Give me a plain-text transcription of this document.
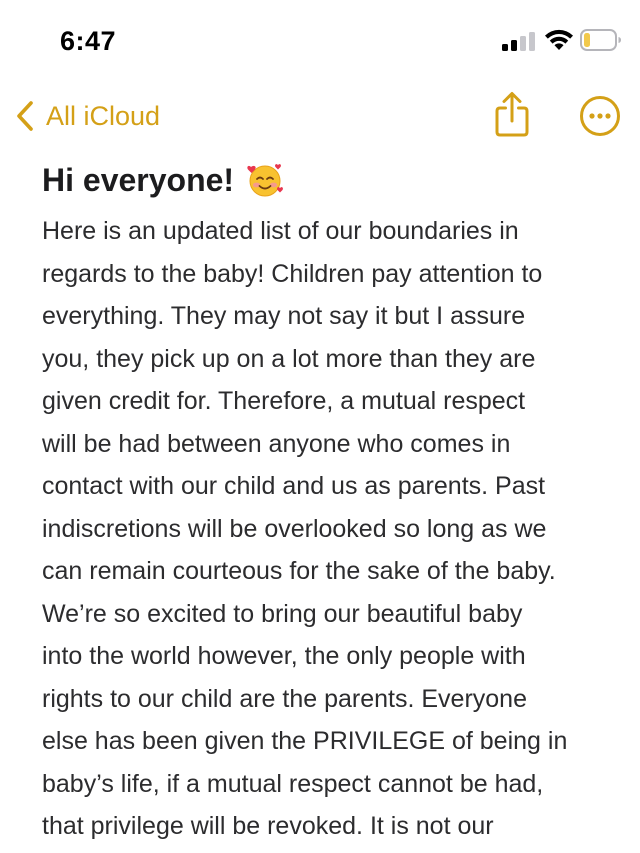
6:47
All iCloud
Hi everyone!
Here is an updated list of our boundaries in
regards to the baby! Children pay attention to
everything. They may not say it but I assure
you, they pick up on a lot more than they are
given credit for. Therefore, a mutual respect
will be had between anyone who comes in
contact with our child and us as parents. Past
indiscretions will be overlooked so long as we
can remain courteous for the sake of the baby.
We’re so excited to bring our beautiful baby
into the world however, the only people with
rights to our child are the parents. Everyone
else has been given the PRIVILEGE of being in
baby’s life, if a mutual respect cannot be had,
that privilege will be revoked. It is not our
